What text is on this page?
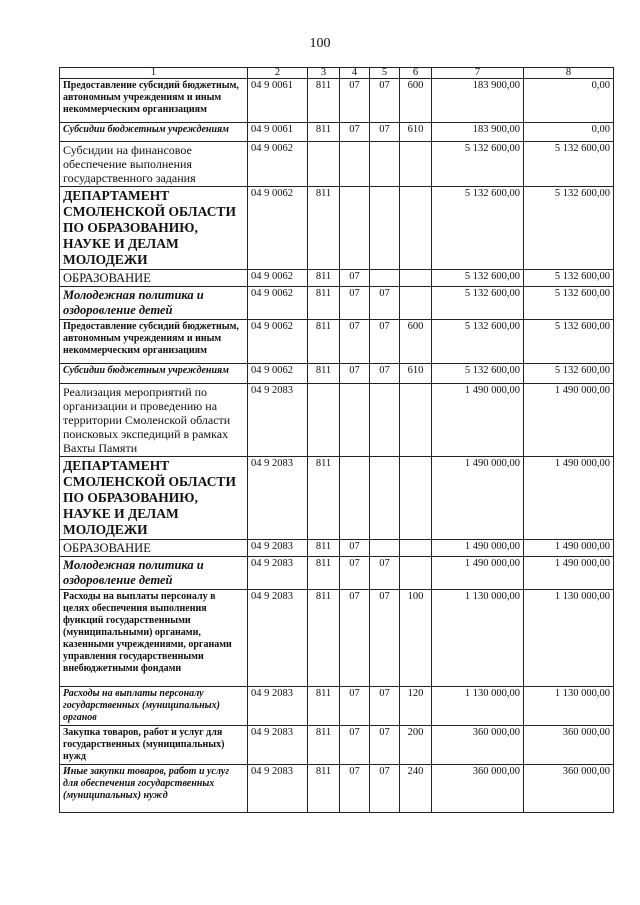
100
1	2	3	4	5	6	7	8
Предоставление субсидий бюджетным, автономным учреждениям и иным некоммерческим организациям	04 9 0061	811	07	07	600	183 900,00	0,00
Субсидии бюджетным учреждениям	04 9 0061	811	07	07	610	183 900,00	0,00
Субсидии на финансовое обеспечение выполнения государственного задания	04 9 0062					5 132 600,00	5 132 600,00
ДЕПАРТАМЕНТ СМОЛЕНСКОЙ ОБЛАСТИ ПО ОБРАЗОВАНИЮ, НАУКЕ И ДЕЛАМ МОЛОДЕЖИ	04 9 0062	811				5 132 600,00	5 132 600,00
ОБРАЗОВАНИЕ	04 9 0062	811	07			5 132 600,00	5 132 600,00
Молодежная политика и оздоровление детей	04 9 0062	811	07	07		5 132 600,00	5 132 600,00
Предоставление субсидий бюджетным, автономным учреждениям и иным некоммерческим организациям	04 9 0062	811	07	07	600	5 132 600,00	5 132 600,00
Субсидии бюджетным учреждениям	04 9 0062	811	07	07	610	5 132 600,00	5 132 600,00
Реализация мероприятий по организации и проведению на территории Смоленской области поисковых экспедиций в рамках Вахты Памяти	04 9 2083					1 490 000,00	1 490 000,00
ДЕПАРТАМЕНТ СМОЛЕНСКОЙ ОБЛАСТИ ПО ОБРАЗОВАНИЮ, НАУКЕ И ДЕЛАМ МОЛОДЕЖИ	04 9 2083	811				1 490 000,00	1 490 000,00
ОБРАЗОВАНИЕ	04 9 2083	811	07			1 490 000,00	1 490 000,00
Молодежная политика и оздоровление детей	04 9 2083	811	07	07		1 490 000,00	1 490 000,00
Расходы на выплаты персоналу в целях обеспечения выполнения функций государственными (муниципальными) органами, казенными учреждениями, органами управления государственными внебюджетными фондами	04 9 2083	811	07	07	100	1 130 000,00	1 130 000,00
Расходы на выплаты персоналу государственных (муниципальных) органов	04 9 2083	811	07	07	120	1 130 000,00	1 130 000,00
Закупка товаров, работ и услуг для государственных (муниципальных) нужд	04 9 2083	811	07	07	200	360 000,00	360 000,00
Иные закупки товаров, работ и услуг для обеспечения государственных (муниципальных) нужд	04 9 2083	811	07	07	240	360 000,00	360 000,00
